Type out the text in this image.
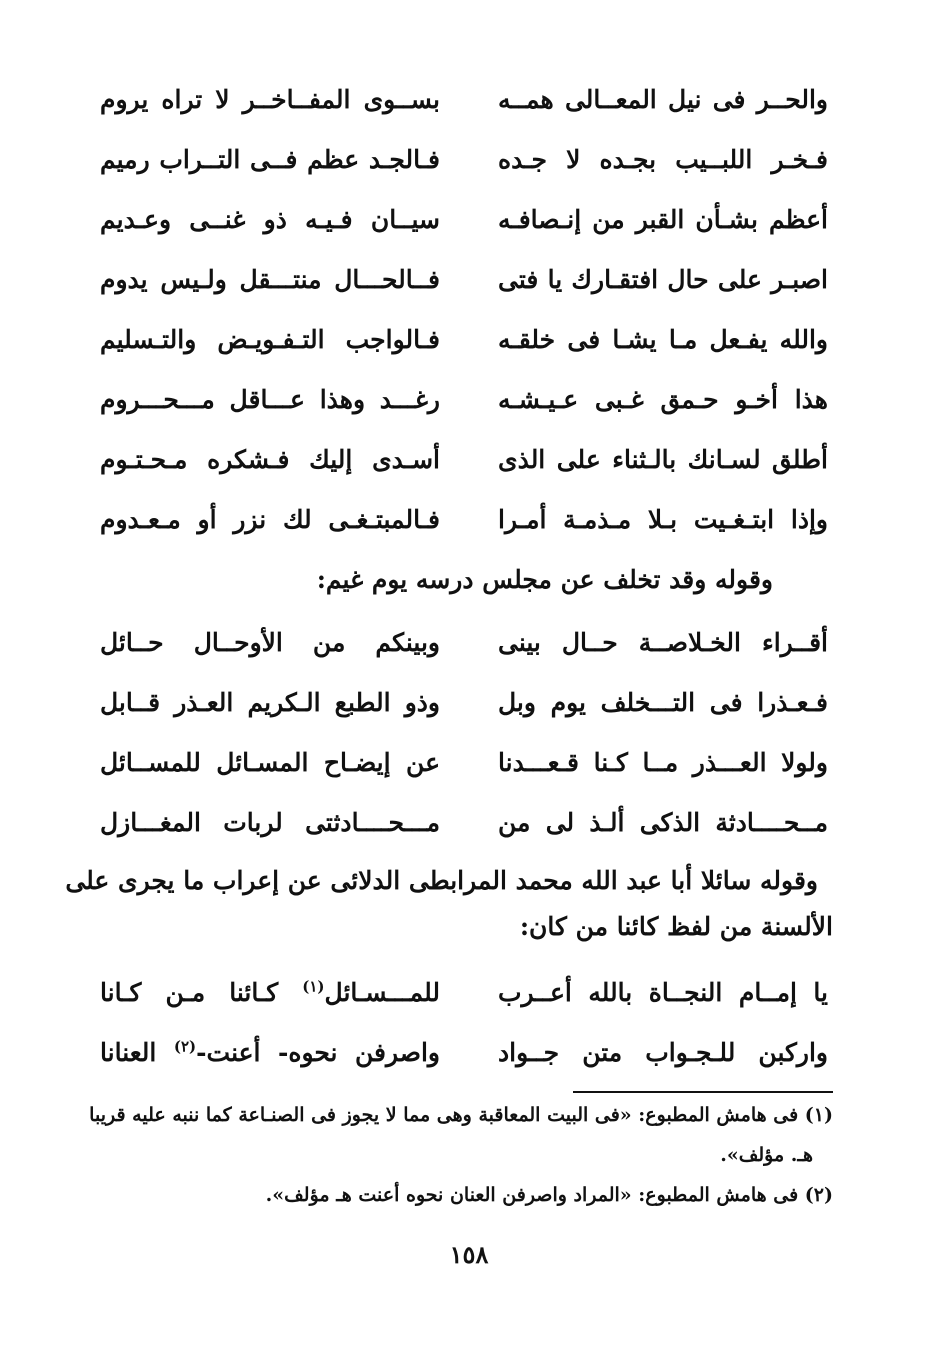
والحــر فى نيل المعــالى همــه
بســوى المفــاخــر لا تراه يروم
فـخـر اللبــيب بجـده لا جـده
فـالجـد عظم فــى التــراب رميم
أعظم بشـأن القبر من إنـصافـه
سيــان فـيـه ذو غنــى وعـديم
اصبـر على حال افتقـارك يا فتى
فــالحـــال منتـــقل ولـيس يدوم
والله يفـعل مـا يشـا فى خلقـه
فـالواجب التـفـويـض والتـسليم
هذا أخـو حـمق غـبى عـيـشـه
رغـــد وهذا عـــاقل مـــحـــروم
أطلق لسـانك بالـثناء على الذى
أسـدى إليك فـشكره مـحـتـوم
وإذا ابتـغـيت بـلا مـذمـة أمـرا
فـالمبتـغـى لك نزر أو مـعـدوم
وقوله وقد تخلف عن مجلس درسه يوم غيم:
أقــراء الخـلاصــة حــال بينى
وبينكم من الأوحــال حــائل
فـعـذرا فى التـــخلف يوم وبل
وذو الطبع الـكريم العـذر قــابل
ولولا العـــذر مــا كـنا قـعـــدنا
عن إيضـاح المسـائل للمســائل
مــحــــادثة الذكى ألـذ لى من
مـــحــــادثتى لربات المغـــازل
وقوله سائلا أبا عبد الله محمد المرابطى الدلائى عن إعراب ما يجرى على
الألسنة من لفظ كائنا من كان:
يا إمــام النجــاة بالله أعــرب
للمـــسـائل$^{(١)}$ كـائنا مـن كـانا
واركبن للـجـواب متن جــواد
واصرفن نحوه- أعنت-$^{(٢)}$ العنانا
(١) فى هامش المطبوع: «فى البيت المعاقبة وهى مما لا يجوز فى الصنـاعة كما ننبه عليه قريبا
هـ. مؤلف».
(٢) فى هامش المطبوع: «المراد واصرفن العنان نحوه أعنت هـ مؤلف».
١٥٨
